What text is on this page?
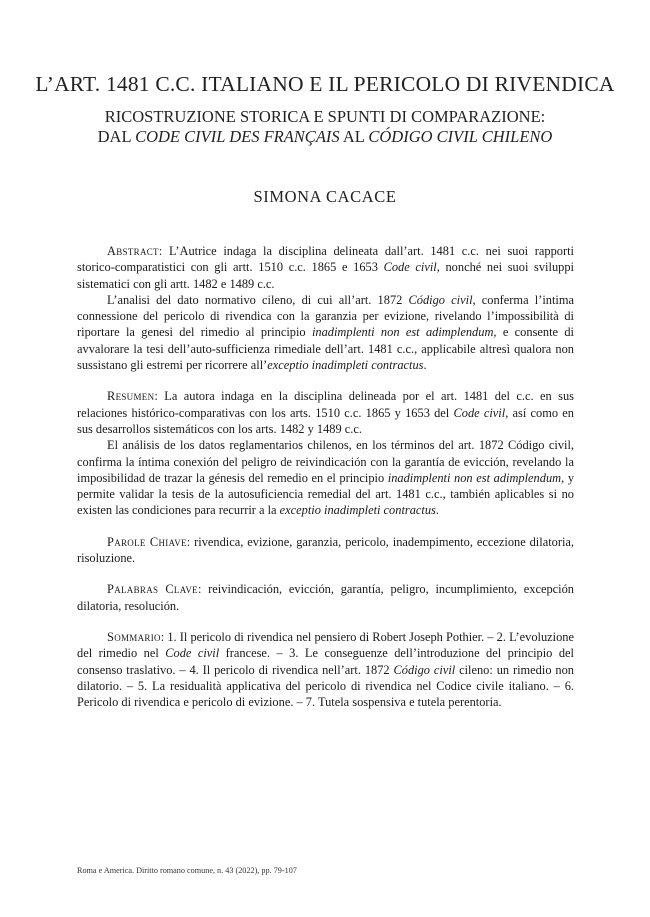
L’ART. 1481 C.C. ITALIANO E IL PERICOLO DI RIVENDICA
RICOSTRUZIONE STORICA E SPUNTI DI COMPARAZIONE:
DAL CODE CIVIL DES FRANÇAIS AL CÓDIGO CIVIL CHILENO
SIMONA CACACE

Abstract: L’Autrice indaga la disciplina delineata dall’art. 1481 c.c. nei suoi rapporti storico-comparatistici con gli artt. 1510 c.c. 1865 e 1653 Code civil, nonché nei suoi sviluppi sistematici con gli artt. 1482 e 1489 c.c.

L’analisi del dato normativo cileno, di cui all’art. 1872 Código civil, conferma l’intima connessione del pericolo di rivendica con la garanzia per evizione, rivelando l’impossibilità di riportare la genesi del rimedio al principio inadimplenti non est adimplendum, e consente di avvalorare la tesi dell’auto-sufficienza rimediale dell’art. 1481 c.c., applicabile altresì qualora non sussistano gli estremi per ricorrere all’exceptio inadimpleti contractus.

Resumen: La autora indaga en la disciplina delineada por el art. 1481 del c.c. en sus relaciones histórico-comparativas con los arts. 1510 c.c. 1865 y 1653 del Code civil, así como en sus desarrollos sistemáticos con los arts. 1482 y 1489 c.c.

El análisis de los datos reglamentarios chilenos, en los términos del art. 1872 Código civil, confirma la íntima conexión del peligro de reivindicación con la garantía de evicción, revelando la imposibilidad de trazar la génesis del remedio en el principio inadimplenti non est adimplendum, y permite validar la tesis de la autosuficiencia remedial del art. 1481 c.c., también aplicables si no existen las condiciones para recurrir a la exceptio inadimpleti contractus.

Parole Chiave: rivendica, evizione, garanzia, pericolo, inadempimento, eccezione dilatoria, risoluzione.

Palabras Clave: reivindicación, evicción, garantía, peligro, incumplimiento, excepción dilatoria, resolución.

Sommario: 1. Il pericolo di rivendica nel pensiero di Robert Joseph Pothier. – 2. L’evoluzione del rimedio nel Code civil francese. – 3. Le conseguenze dell’introduzione del principio del consenso traslativo. – 4. Il pericolo di rivendica nell’art. 1872 Código civil cileno: un rimedio non dilatorio. – 5. La residualità applicativa del pericolo di rivendica nel Codice civile italiano. – 6. Pericolo di rivendica e pericolo di evizione. – 7. Tutela sospensiva e tutela perentoria.

Roma e America. Diritto romano comune, n. 43 (2022), pp. 79-107
